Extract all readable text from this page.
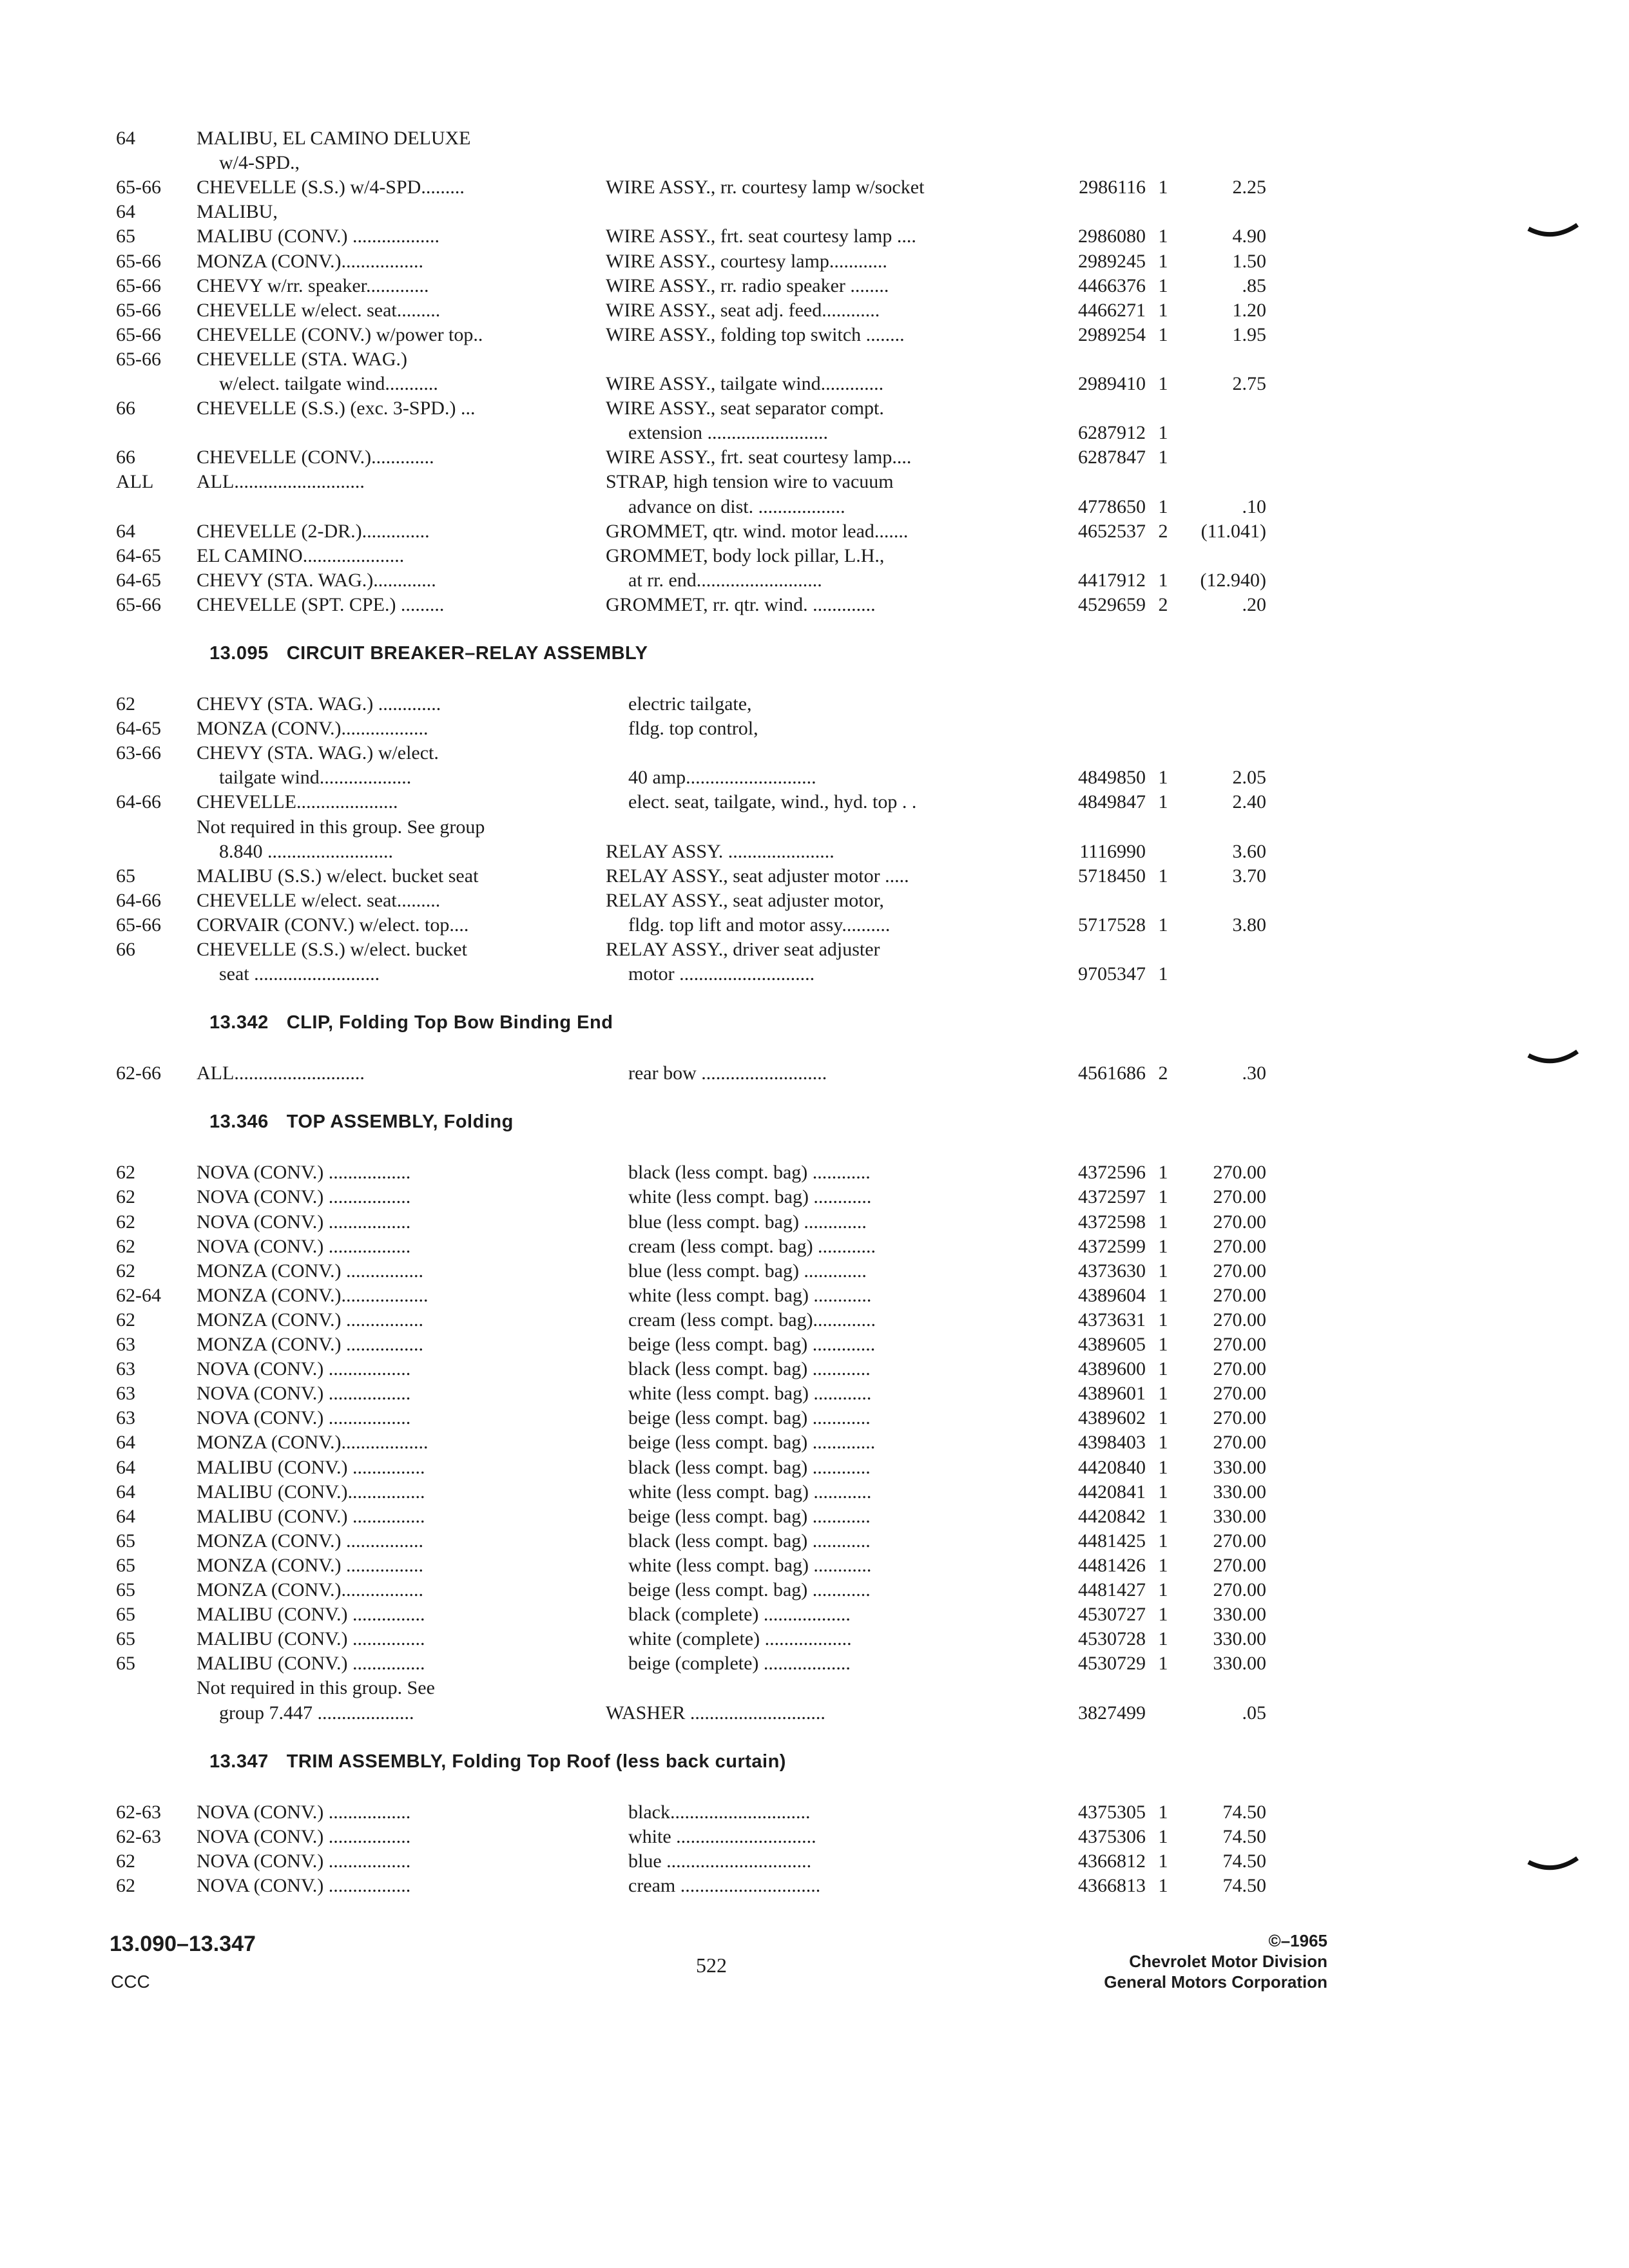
64	MALIBU, EL CAMINO DELUXE
w/4-SPD.,
65-66 CHEVELLE (S.S.) w/4-SPD.........	WIRE ASSY., rr. courtesy lamp w/socket	2986116 1	2.25
64	MALIBU,
65	MALIBU (CONV.) ..................	WIRE ASSY., frt. seat courtesy lamp ....	2986080 1	4.90
65-66 MONZA (CONV.).................	WIRE ASSY., courtesy lamp............	2989245 1	1.50
65-66 CHEVY w/rr. speaker.............	WIRE ASSY., rr. radio speaker ........	4466376 1	.85
65-66 CHEVELLE w/elect. seat.........	WIRE ASSY., seat adj. feed............	4466271 1	1.20
65-66 CHEVELLE (CONV.) w/power top..	WIRE ASSY., folding top switch ........	2989254 1	1.95
65-66 CHEVELLE (STA. WAG.)
w/elect. tailgate wind...........	WIRE ASSY., tailgate wind.............	2989410 1	2.75
66	CHEVELLE (S.S.) (exc. 3-SPD.) ...	WIRE ASSY., seat separator compt.
extension .........................	6287912 1
66	CHEVELLE (CONV.).............	WIRE ASSY., frt. seat courtesy lamp....	6287847 1
ALL ALL...........................	STRAP, high tension wire to vacuum
advance on dist. ..................	4778650 1	.10
64	CHEVELLE (2-DR.)..............	GROMMET, qtr. wind. motor lead.......	4652537 2	(11.041)
64-65 EL CAMINO.....................	GROMMET, body lock pillar, L.H.,
64-65 CHEVY (STA. WAG.).............	at rr. end..........................	4417912 1	(12.940)
65-66 CHEVELLE (SPT. CPE.) .........	GROMMET, rr. qtr. wind. .............	4529659 2	.20
13.095 CIRCUIT BREAKER–RELAY ASSEMBLY
62	CHEVY (STA. WAG.) .............	electric tailgate,
64-65 MONZA (CONV.)..................	fldg. top control,
63-66 CHEVY (STA. WAG.) w/elect.
tailgate wind...................	40 amp...........................	4849850 1	2.05
64-66 CHEVELLE.....................	elect. seat, tailgate, wind., hyd. top . .	4849847 1	2.40
Not required in this group. See group
8.840 ..........................	RELAY ASSY. ......................	1116990	3.60
65	MALIBU (S.S.) w/elect. bucket seat	RELAY ASSY., seat adjuster motor .....	5718450 1	3.70
64-66 CHEVELLE w/elect. seat.........	RELAY ASSY., seat adjuster motor,
65-66 CORVAIR (CONV.) w/elect. top....	fldg. top lift and motor assy..........	5717528 1	3.80
66	CHEVELLE (S.S.) w/elect. bucket	RELAY ASSY., driver seat adjuster
seat ..........................	motor ............................	9705347 1
13.342 CLIP, Folding Top Bow Binding End
62-66 ALL...........................	rear bow ..........................	4561686 2	.30
13.346 TOP ASSEMBLY, Folding
62	NOVA (CONV.) .................	black (less compt. bag) ............	4372596 1	270.00
62	NOVA (CONV.) .................	white (less compt. bag) ............	4372597 1	270.00
62	NOVA (CONV.) .................	blue (less compt. bag) .............	4372598 1	270.00
62	NOVA (CONV.) .................	cream (less compt. bag) ............	4372599 1	270.00
62	MONZA (CONV.) ................	blue (less compt. bag) .............	4373630 1	270.00
62-64 MONZA (CONV.)..................	white (less compt. bag) ............	4389604 1	270.00
62	MONZA (CONV.) ................	cream (less compt. bag).............	4373631 1	270.00
63	MONZA (CONV.) ................	beige (less compt. bag) .............	4389605 1	270.00
63	NOVA (CONV.) .................	black (less compt. bag) ............	4389600 1	270.00
63	NOVA (CONV.) .................	white (less compt. bag) ............	4389601 1	270.00
63	NOVA (CONV.) .................	beige (less compt. bag) ............	4389602 1	270.00
64	MONZA (CONV.)..................	beige (less compt. bag) .............	4398403 1	270.00
64	MALIBU (CONV.) ...............	black (less compt. bag) ............	4420840 1	330.00
64	MALIBU (CONV.)................	white (less compt. bag) ............	4420841 1	330.00
64	MALIBU (CONV.) ...............	beige (less compt. bag) ............	4420842 1	330.00
65	MONZA (CONV.) ................	black (less compt. bag) ............	4481425 1	270.00
65	MONZA (CONV.) ................	white (less compt. bag) ............	4481426 1	270.00
65	MONZA (CONV.).................	beige (less compt. bag) ............	4481427 1	270.00
65	MALIBU (CONV.) ...............	black (complete) ..................	4530727 1	330.00
65	MALIBU (CONV.) ...............	white (complete) ..................	4530728 1	330.00
65	MALIBU (CONV.) ...............	beige (complete) ..................	4530729 1	330.00
Not required in this group. See
group 7.447 ....................	WASHER ............................	3827499	.05
13.347 TRIM ASSEMBLY, Folding Top Roof (less back curtain)
62-63 NOVA (CONV.) .................	black.............................	4375305 1	74.50
62-63 NOVA (CONV.) .................	white .............................	4375306 1	74.50
62	NOVA (CONV.) .................	blue ..............................	4366812 1	74.50
62	NOVA (CONV.) .................	cream .............................	4366813 1	74.50
13.090–13.347
CCC
522
©–1965
Chevrolet Motor Division
General Motors Corporation
